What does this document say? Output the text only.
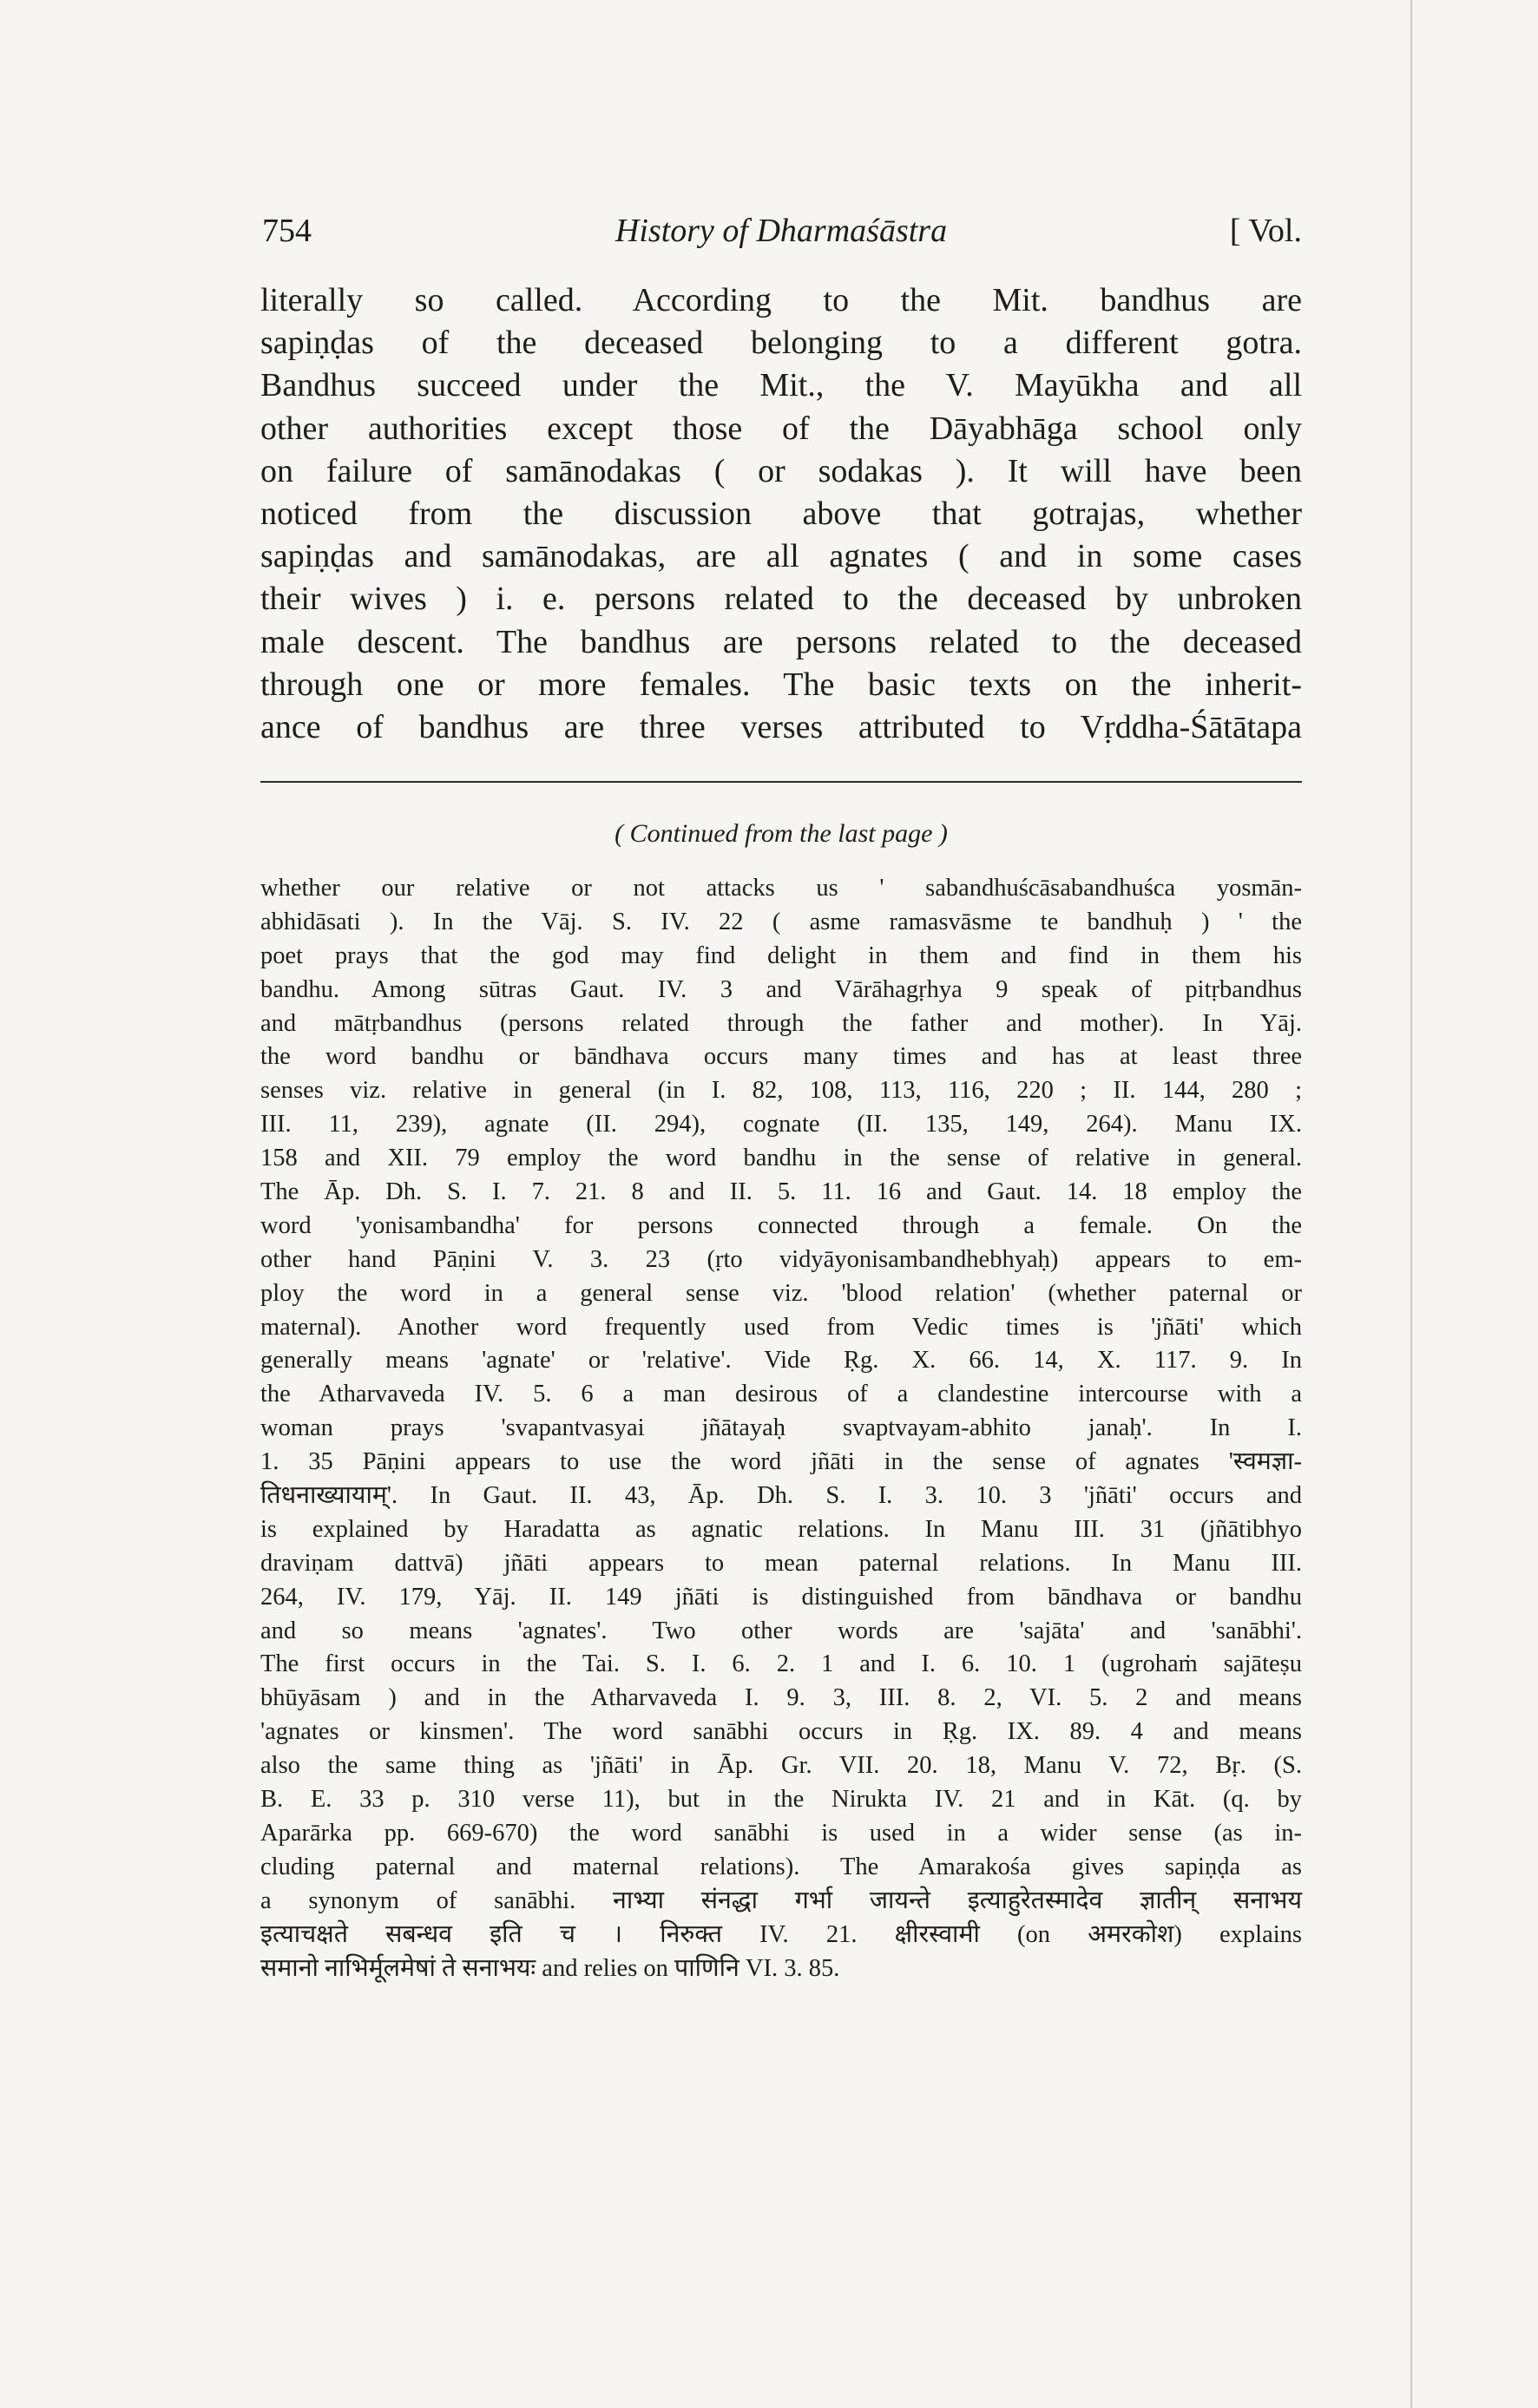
754	History of Dharmaśāstra	[ Vol.
literally so called. According to the Mit. bandhus are
sapiṇḍas of the deceased belonging to a different gotra.
Bandhus succeed under the Mit., the V. Mayūkha and all
other authorities except those of the Dāyabhāga school only
on failure of samānodakas ( or sodakas ). It will have been
noticed from the discussion above that gotrajas, whether
sapiṇḍas and samānodakas, are all agnates ( and in some cases
their wives ) i. e. persons related to the deceased by unbroken
male descent. The bandhus are persons related to the deceased
through one or more females. The basic texts on the inherit-
ance of bandhus are three verses attributed to Vṛddha-Śātātapa
( Continued from the last page )
whether our relative or not attacks us ' sabandhuścāsabandhuśca yosmān-
abhidāsati ). In the Vāj. S. IV. 22 ( asme ramasvāsme te bandhuḥ ) ' the
poet prays that the god may find delight in them and find in them his
bandhu. Among sūtras Gaut. IV. 3 and Vārāhagṛhya 9 speak of pitṛbandhus
and mātṛbandhus (persons related through the father and mother). In Yāj.
the word bandhu or bāndhava occurs many times and has at least three
senses viz. relative in general (in I. 82, 108, 113, 116, 220 ; II. 144, 280 ;
III. 11, 239), agnate (II. 294), cognate (II. 135, 149, 264). Manu IX.
158 and XII. 79 employ the word bandhu in the sense of relative in general.
The Āp. Dh. S. I. 7. 21. 8 and II. 5. 11. 16 and Gaut. 14. 18 employ the
word 'yonisambandha' for persons connected through a female. On the
other hand Pāṇini V. 3. 23 (ṛto vidyāyonisambandhebhyaḥ) appears to em-
ploy the word in a general sense viz. 'blood relation' (whether paternal or
maternal). Another word frequently used from Vedic times is 'jñāti' which
generally means 'agnate' or 'relative'. Vide Ṛg. X. 66. 14, X. 117. 9. In
the Atharvaveda IV. 5. 6 a man desirous of a clandestine intercourse with a
woman prays 'svapantvasyai jñātayaḥ svaptvayam-abhito janaḥ'. In I.
1. 35 Pāṇini appears to use the word jñāti in the sense of agnates 'स्वमज्ञा-
तिधनाख्यायाम्'. In Gaut. II. 43, Āp. Dh. S. I. 3. 10. 3 'jñāti' occurs and
is explained by Haradatta as agnatic relations. In Manu III. 31 (jñātibhyo
draviṇam dattvā) jñāti appears to mean paternal relations. In Manu III.
264, IV. 179, Yāj. II. 149 jñāti is distinguished from bāndhava or bandhu
and so means 'agnates'. Two other words are 'sajāta' and 'sanābhi'.
The first occurs in the Tai. S. I. 6. 2. 1 and I. 6. 10. 1 (ugrohaṁ sajāteṣu
bhūyāsam ) and in the Atharvaveda I. 9. 3, III. 8. 2, VI. 5. 2 and means
'agnates or kinsmen'. The word sanābhi occurs in Ṛg. IX. 89. 4 and means
also the same thing as 'jñāti' in Āp. Gr. VII. 20. 18, Manu V. 72, Bṛ. (S.
B. E. 33 p. 310 verse 11), but in the Nirukta IV. 21 and in Kāt. (q. by
Aparārka pp. 669-670) the word sanābhi is used in a wider sense (as in-
cluding paternal and maternal relations). The Amarakośa gives sapiṇḍa as
a synonym of sanābhi. नाभ्या संनद्धा गर्भा जायन्ते इत्याहुरेतस्मादेव ज्ञातीन् सनाभय
इत्याचक्षते सबन्धव इति च । निरुक्त IV. 21. क्षीरस्वामी (on अमरकोश) explains
समानो नाभिर्मूलमेषां ते सनाभयः and relies on पाणिनि VI. 3. 85.
